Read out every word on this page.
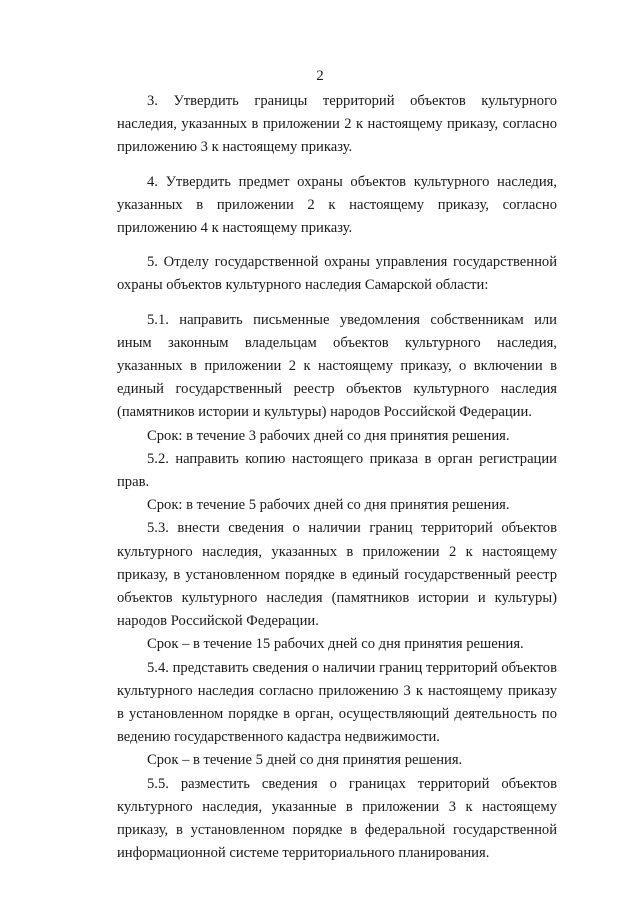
2

3. Утвердить границы территорий объектов культурного наследия, указанных в приложении 2 к настоящему приказу, согласно приложению 3 к настоящему приказу.

4. Утвердить предмет охраны объектов культурного наследия, указанных в приложении 2 к настоящему приказу, согласно приложению 4 к настоящему приказу.

5. Отделу государственной охраны управления государственной охраны объектов культурного наследия Самарской области:

5.1. направить письменные уведомления собственникам или иным законным владельцам объектов культурного наследия, указанных в приложении 2 к настоящему приказу, о включении в единый государственный реестр объектов культурного наследия (памятников истории и культуры) народов Российской Федерации.

Срок: в течение 3 рабочих дней со дня принятия решения.

5.2. направить копию настоящего приказа в орган регистрации прав.

Срок: в течение 5 рабочих дней со дня принятия решения.

5.3. внести сведения о наличии границ территорий объектов культурного наследия, указанных в приложении 2 к настоящему приказу, в установленном порядке в единый государственный реестр объектов культурного наследия (памятников истории и культуры) народов Российской Федерации.

Срок – в течение 15 рабочих дней со дня принятия решения.

5.4. представить сведения о наличии границ территорий объектов культурного наследия согласно приложению 3 к настоящему приказу в установленном порядке в орган, осуществляющий деятельность по ведению государственного кадастра недвижимости.

Срок – в течение 5 дней со дня принятия решения.

5.5. разместить сведения о границах территорий объектов культурного наследия, указанные в приложении 3 к настоящему приказу, в установленном порядке в федеральной государственной информационной системе территориального планирования.
